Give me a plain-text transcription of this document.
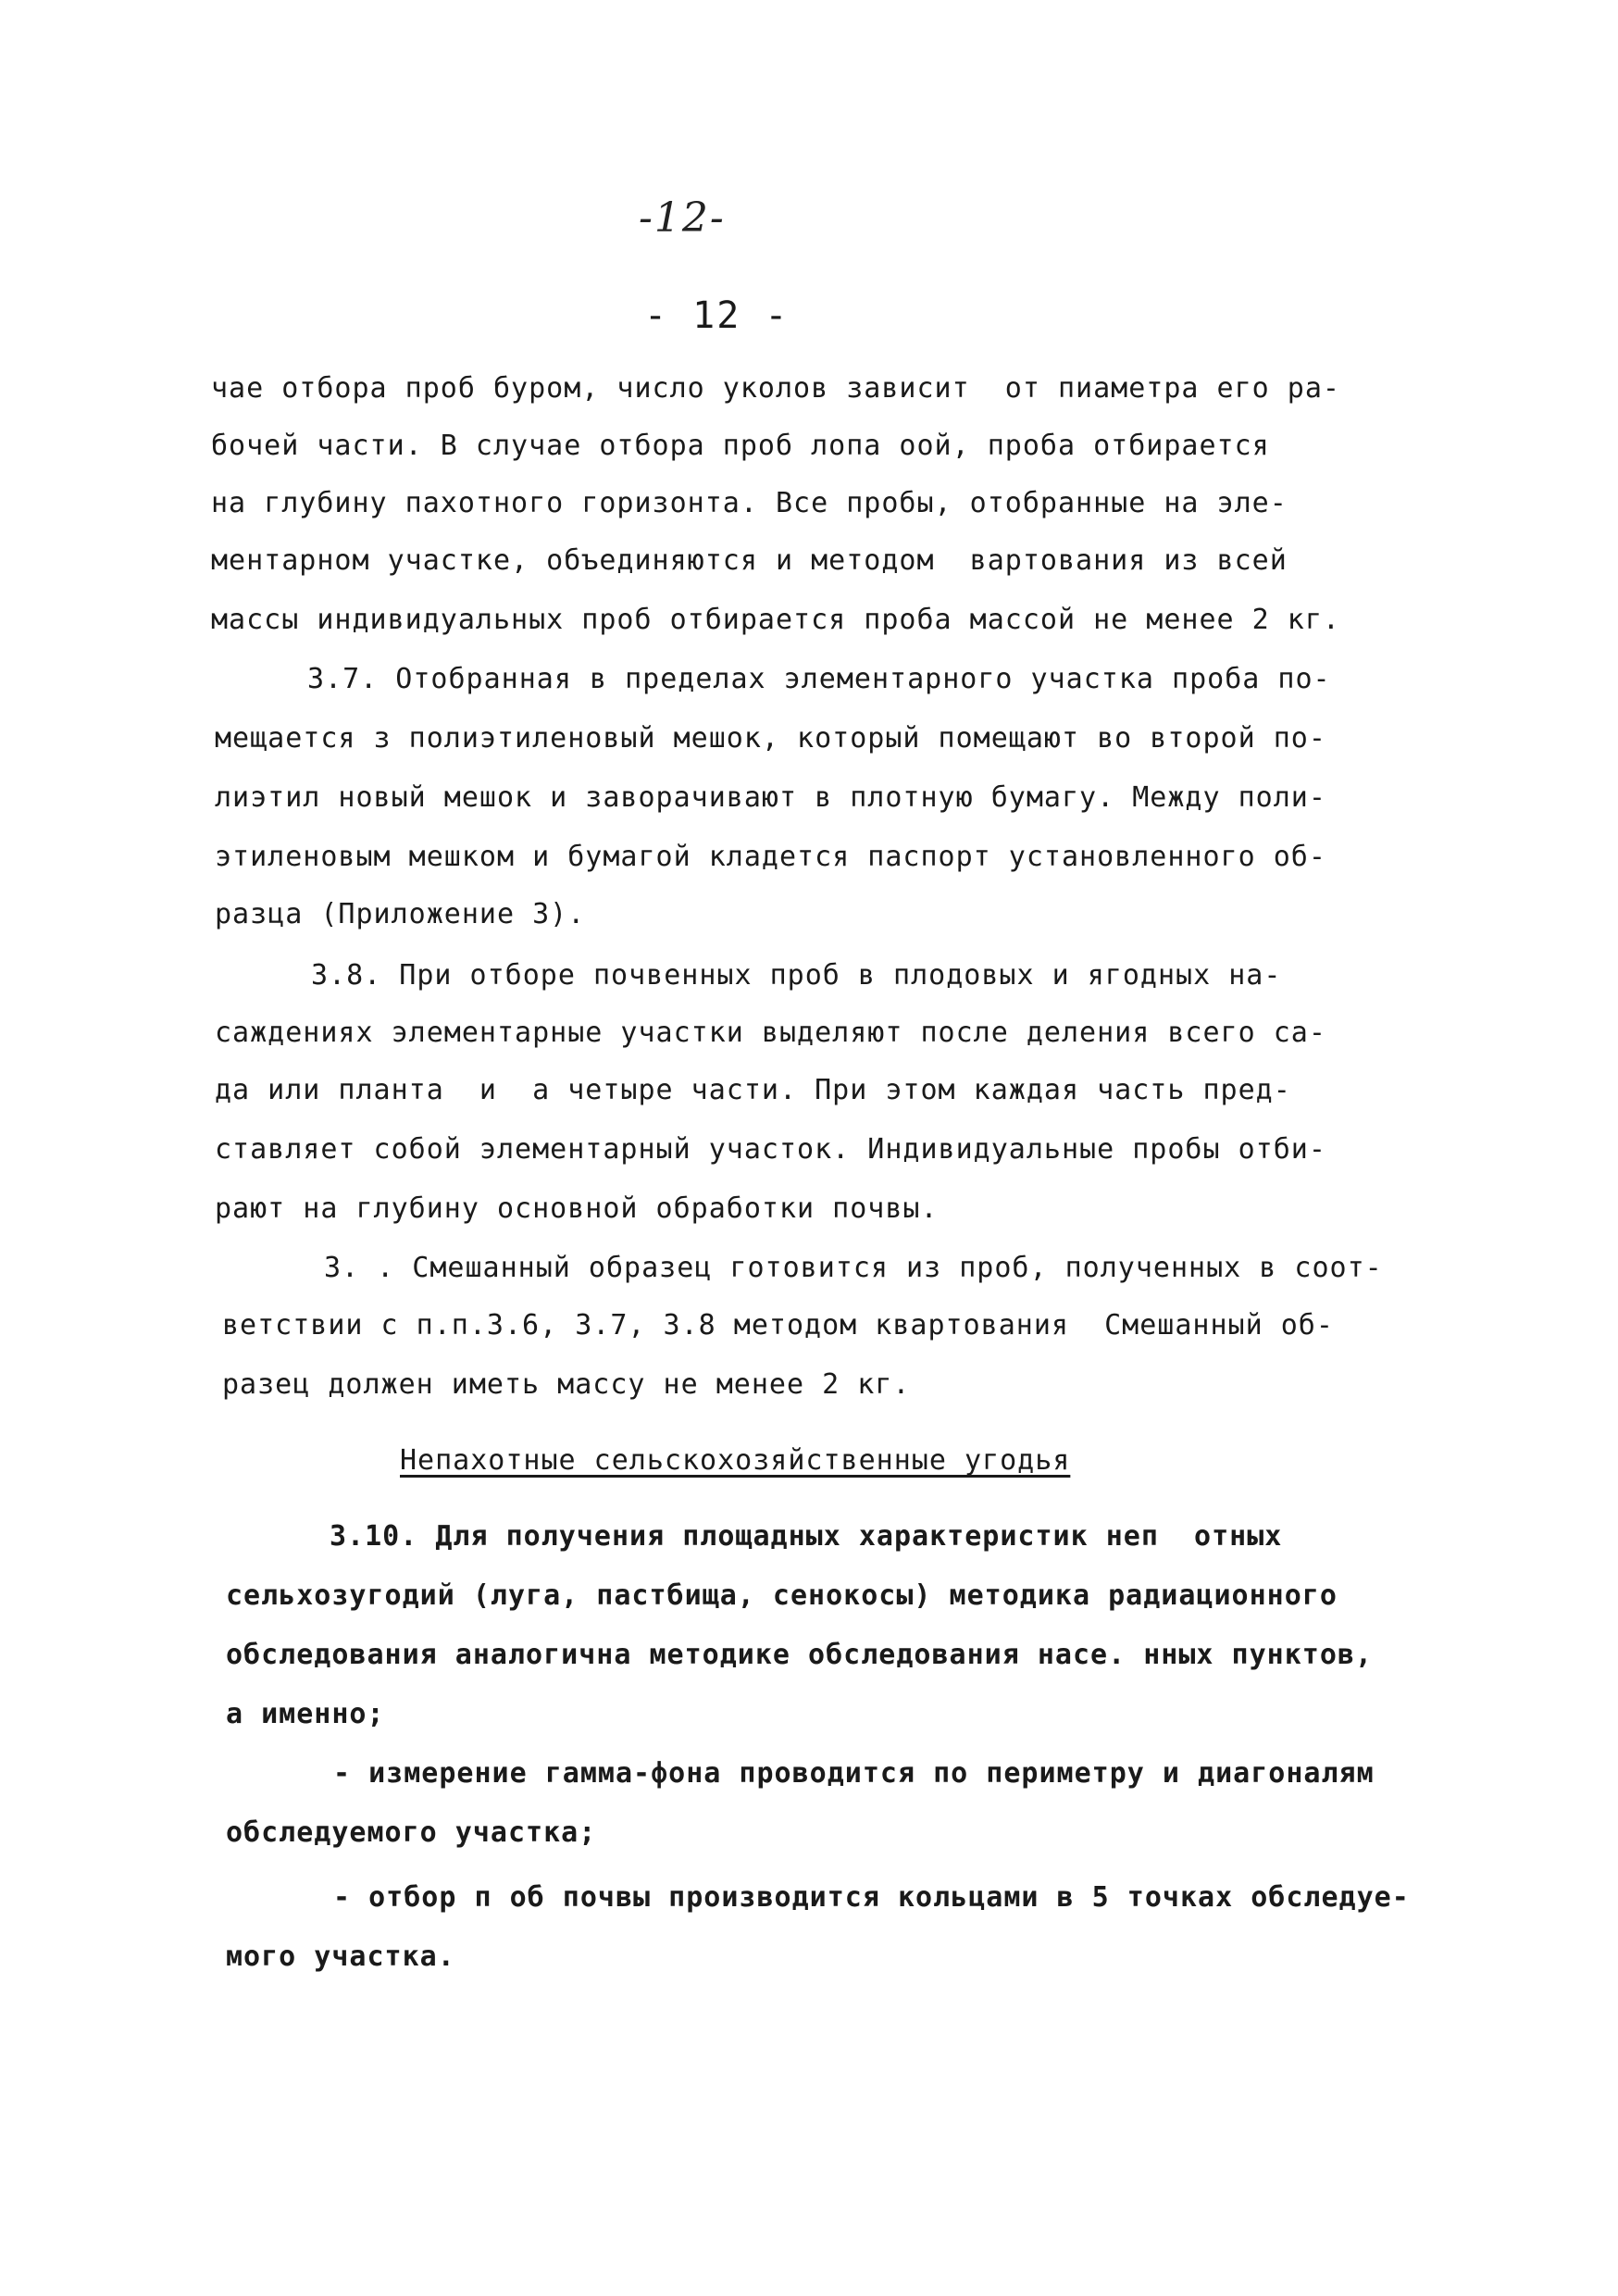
-12-
- 12 -
чае отбора проб буром, число уколов зависит  от пиаметра его ра-
бочей части. В случае отбора проб лопа оой, проба отбирается
на глубину пахотного горизонта. Все пробы, отобранные на эле-
ментарном участке, объединяются и методом  вартования из всей
массы индивидуальных проб отбирается проба массой не менее 2 кг.
3.7. Отобранная в пределах элементарного участка проба по-
мещается з полиэтиленовый мешок, который помещают во второй по-
лиэтил новый мешок и заворачивают в плотную бумагу. Между поли-
этиленовым мешком и бумагой кладется паспорт установленного об-
разца (Приложение 3).
3.8. При отборе почвенных проб в плодовых и ягодных на-
саждениях элементарные участки выделяют после деления всего са-
да или планта  и  а четыре части. При этом каждая часть пред-
ставляет собой элементарный участок. Индивидуальные пробы отби-
рают на глубину основной обработки почвы.
3. . Смешанный образец готовится из проб, полученных в соот-
ветствии с п.п.3.6, 3.7, 3.8 методом квартования  Смешанный об-
разец должен иметь массу не менее 2 кг.
Непахотные сельскохозяйственные угодья
3.10. Для получения площадных характеристик неп  отных
сельхозугодий (луга, пастбища, сенокосы) методика радиационного
обследования аналогична методике обследования насе. нных пунктов,
а именно;
- измерение гамма-фона проводится по периметру и диагоналям
обследуемого участка;
- отбор п об почвы производится кольцами в 5 точках обследуе-
мого участка.
